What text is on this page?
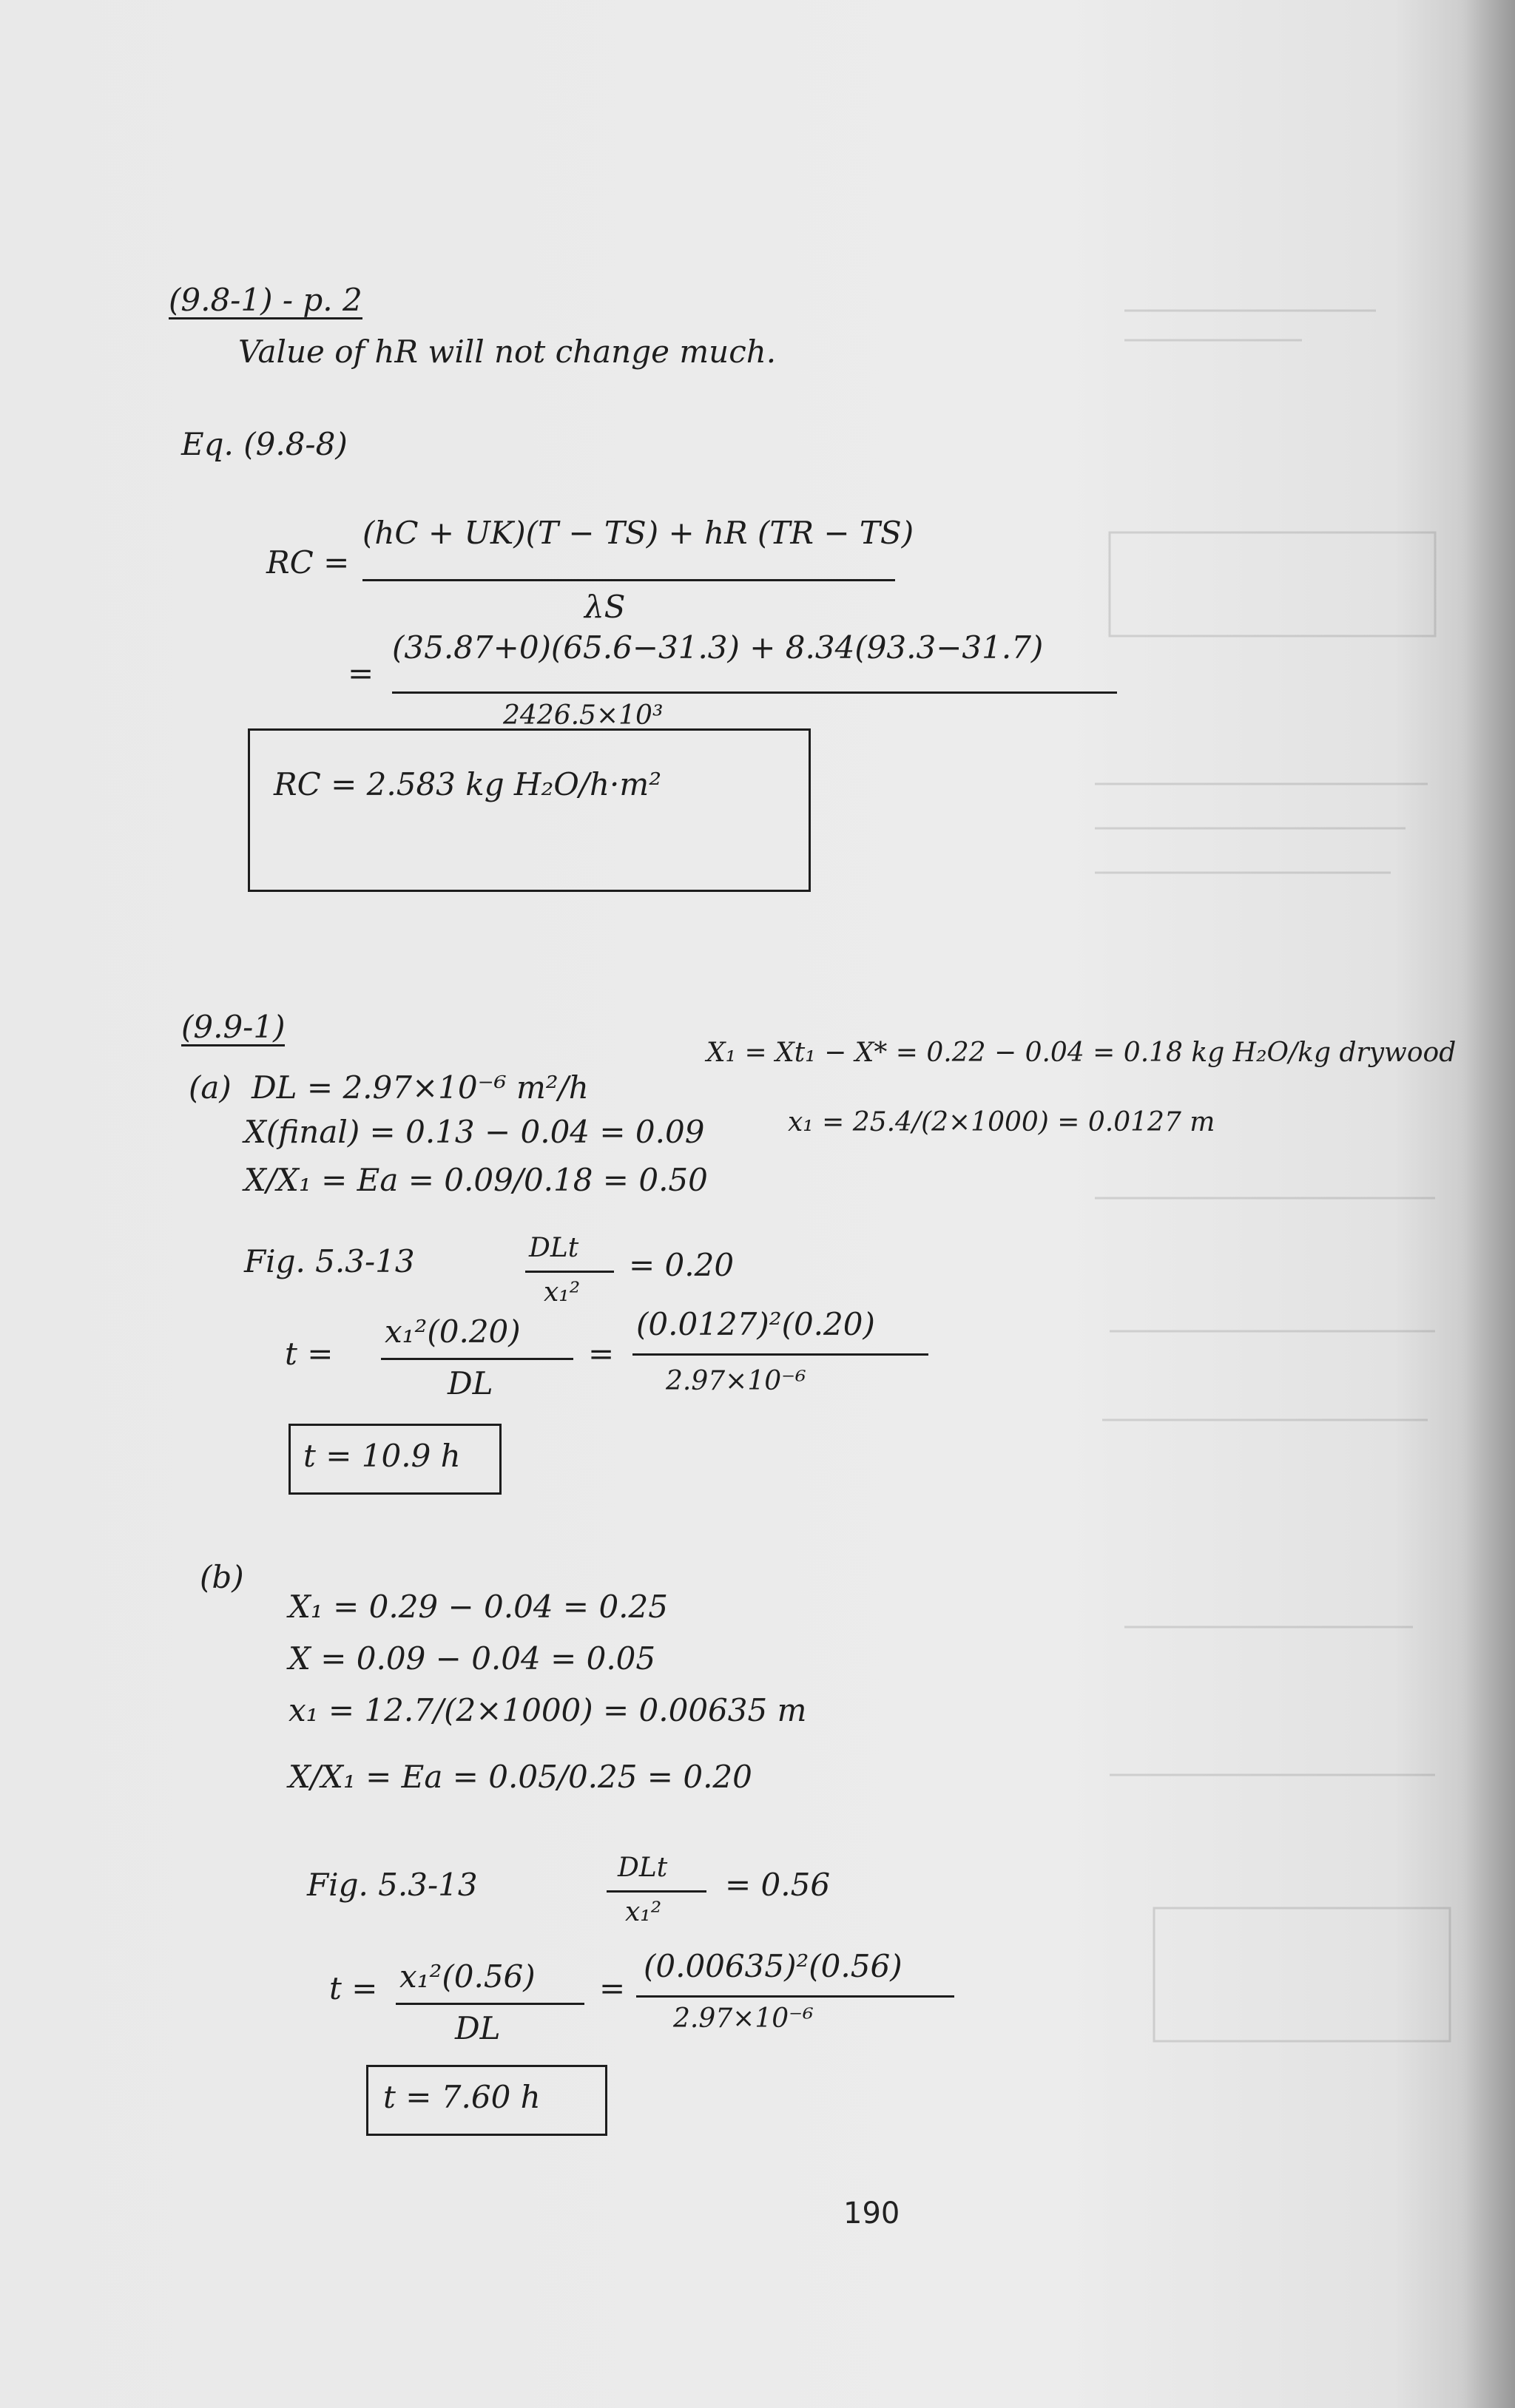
(9.8-1) - p. 2
Value of hR will not change much.
Eq. (9.8-8)
RC =
(hC + UK)(T − TS) + hR (TR − TS)
λS
=
(35.87+0)(65.6−31.3) + 8.34(93.3−31.7)
2426.5×10³
RC = 2.583 kg H₂O/h·m²
(9.9-1)
(a) DL = 2.97×10⁻⁶ m²/h
X₁ = Xt₁ − X* = 0.22 − 0.04 = 0.18 kg H₂O/kg drywood
X(final) = 0.13 − 0.04 = 0.09	x₁ = 25.4/(2×1000) = 0.0127 m
X/X₁ = Ea = 0.09/0.18 = 0.50
Fig. 5.3-13	DLt
x₁²
= 0.20
t =
x₁²(0.20)
DL
=
(0.0127)²(0.20)
2.97×10⁻⁶
t = 10.9 h
(b)
X₁ = 0.29 − 0.04 = 0.25
X = 0.09 − 0.04 = 0.05
x₁ = 12.7/(2×1000) = 0.00635 m
X/X₁ = Ea = 0.05/0.25 = 0.20
Fig. 5.3-13	DLt
x₁²
= 0.56
t = x₁²(0.56)
DL
=
(0.00635)²(0.56)
2.97×10⁻⁶
t = 7.60 h
190
